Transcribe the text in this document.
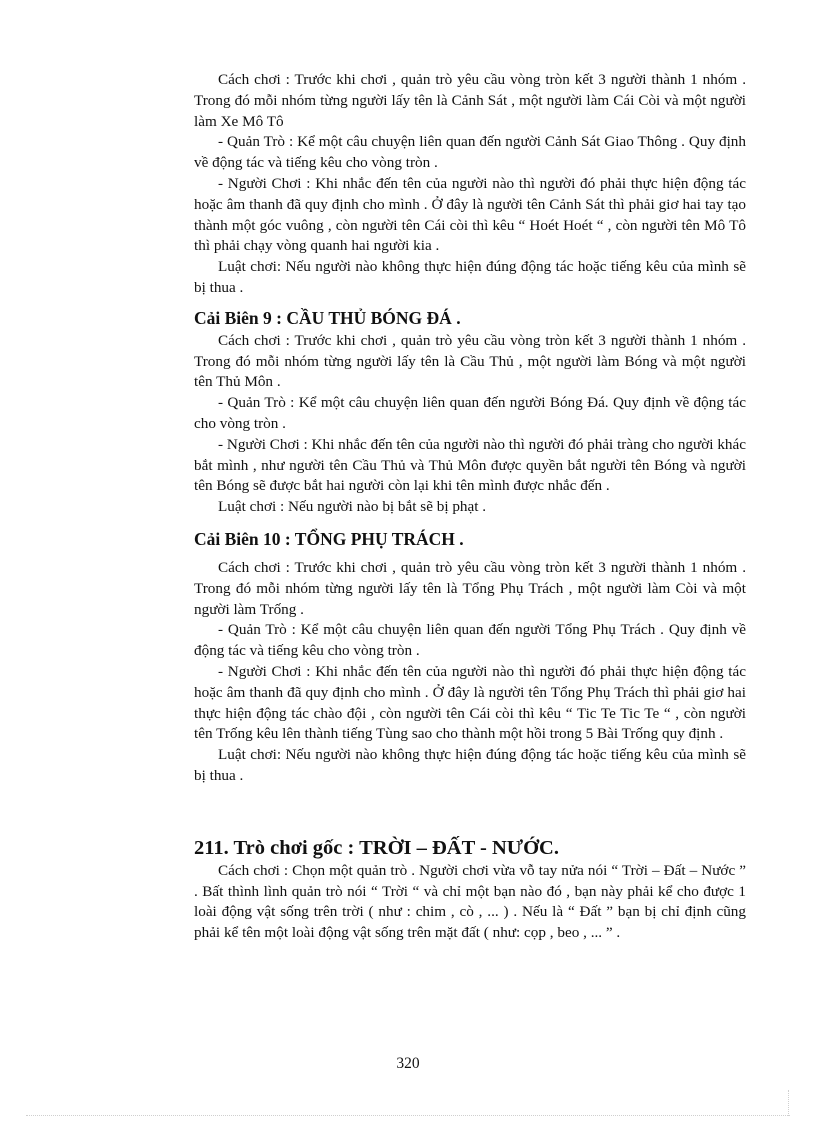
Cách chơi : Trước khi chơi , quản trò yêu cầu vòng tròn kết 3 người thành 1 nhóm . Trong đó mỗi nhóm từng người lấy tên là Cảnh Sát , một người làm Cái Còi và một người làm Xe Mô Tô

- Quản Trò : Kể một câu chuyện liên quan đến người Cảnh Sát Giao Thông . Quy định về động tác và tiếng kêu cho vòng tròn .

- Người Chơi : Khi nhắc đến tên của người nào thì người đó phải thực hiện động tác hoặc âm thanh đã quy định cho mình . Ở đây là người tên Cảnh Sát thì phải giơ hai tay tạo thành một góc vuông , còn người tên Cái còi thì kêu “ Hoét Hoét “ , còn người tên Mô Tô thì phải chạy vòng quanh hai người kia .

Luật chơi: Nếu người nào không thực hiện đúng động tác hoặc tiếng kêu của mình sẽ bị thua .

Cải Biên 9 : CẦU THỦ BÓNG ĐÁ .

Cách chơi : Trước khi chơi , quản trò yêu cầu vòng tròn kết 3 người thành 1 nhóm . Trong đó mỗi nhóm từng người lấy tên là Cầu Thủ , một người làm Bóng và một người tên Thủ Môn .

- Quản Trò : Kể một câu chuyện liên quan đến người Bóng Đá. Quy định về động tác cho vòng tròn .

- Người Chơi : Khi nhắc đến tên của người nào thì người đó phải tràng cho người khác bắt mình , như người tên Cầu Thủ và Thủ Môn được quyền bắt người tên Bóng và người tên Bóng sẽ được bắt hai người còn lại khi tên mình được nhắc đến .

Luật chơi : Nếu người nào bị bắt sẽ bị phạt .

Cải Biên 10 : TỔNG PHỤ TRÁCH .

Cách chơi : Trước khi chơi , quản trò yêu cầu vòng tròn kết 3 người thành 1 nhóm . Trong đó mỗi nhóm từng người lấy tên là Tổng Phụ Trách , một người làm Còi và một người làm Trống .

- Quản Trò : Kể một câu chuyện liên quan đến người Tổng Phụ Trách . Quy định về động tác và tiếng kêu cho vòng tròn .

- Người Chơi : Khi nhắc đến tên của người nào thì người đó phải thực hiện động tác hoặc âm thanh đã quy định cho mình . Ở đây là người tên Tổng Phụ Trách thì phải giơ hai thực hiện động tác chào đội , còn người tên Cái còi thì kêu “ Tic Te Tic Te “ , còn người tên Trống kêu lên thành tiếng Tùng sao cho thành một hồi trong 5 Bài Trống quy định .

Luật chơi: Nếu người nào không thực hiện đúng động tác hoặc tiếng kêu của mình sẽ bị thua .

211. Trò chơi gốc : TRỜI – ĐẤT - NƯỚC.

Cách chơi : Chọn một quản trò . Người chơi vừa vỗ tay nửa nói “ Trời – Đất – Nước ” . Bất thình lình quản trò nói “ Trời “ và chỉ một bạn nào đó , bạn này phải kể cho được 1 loài động vật sống trên trời ( như : chim , cò , ... ) . Nếu là “ Đất ” bạn bị chỉ định cũng phải kể tên một loài động vật sống trên mặt đất ( như: cọp , beo , ... ” .

320
